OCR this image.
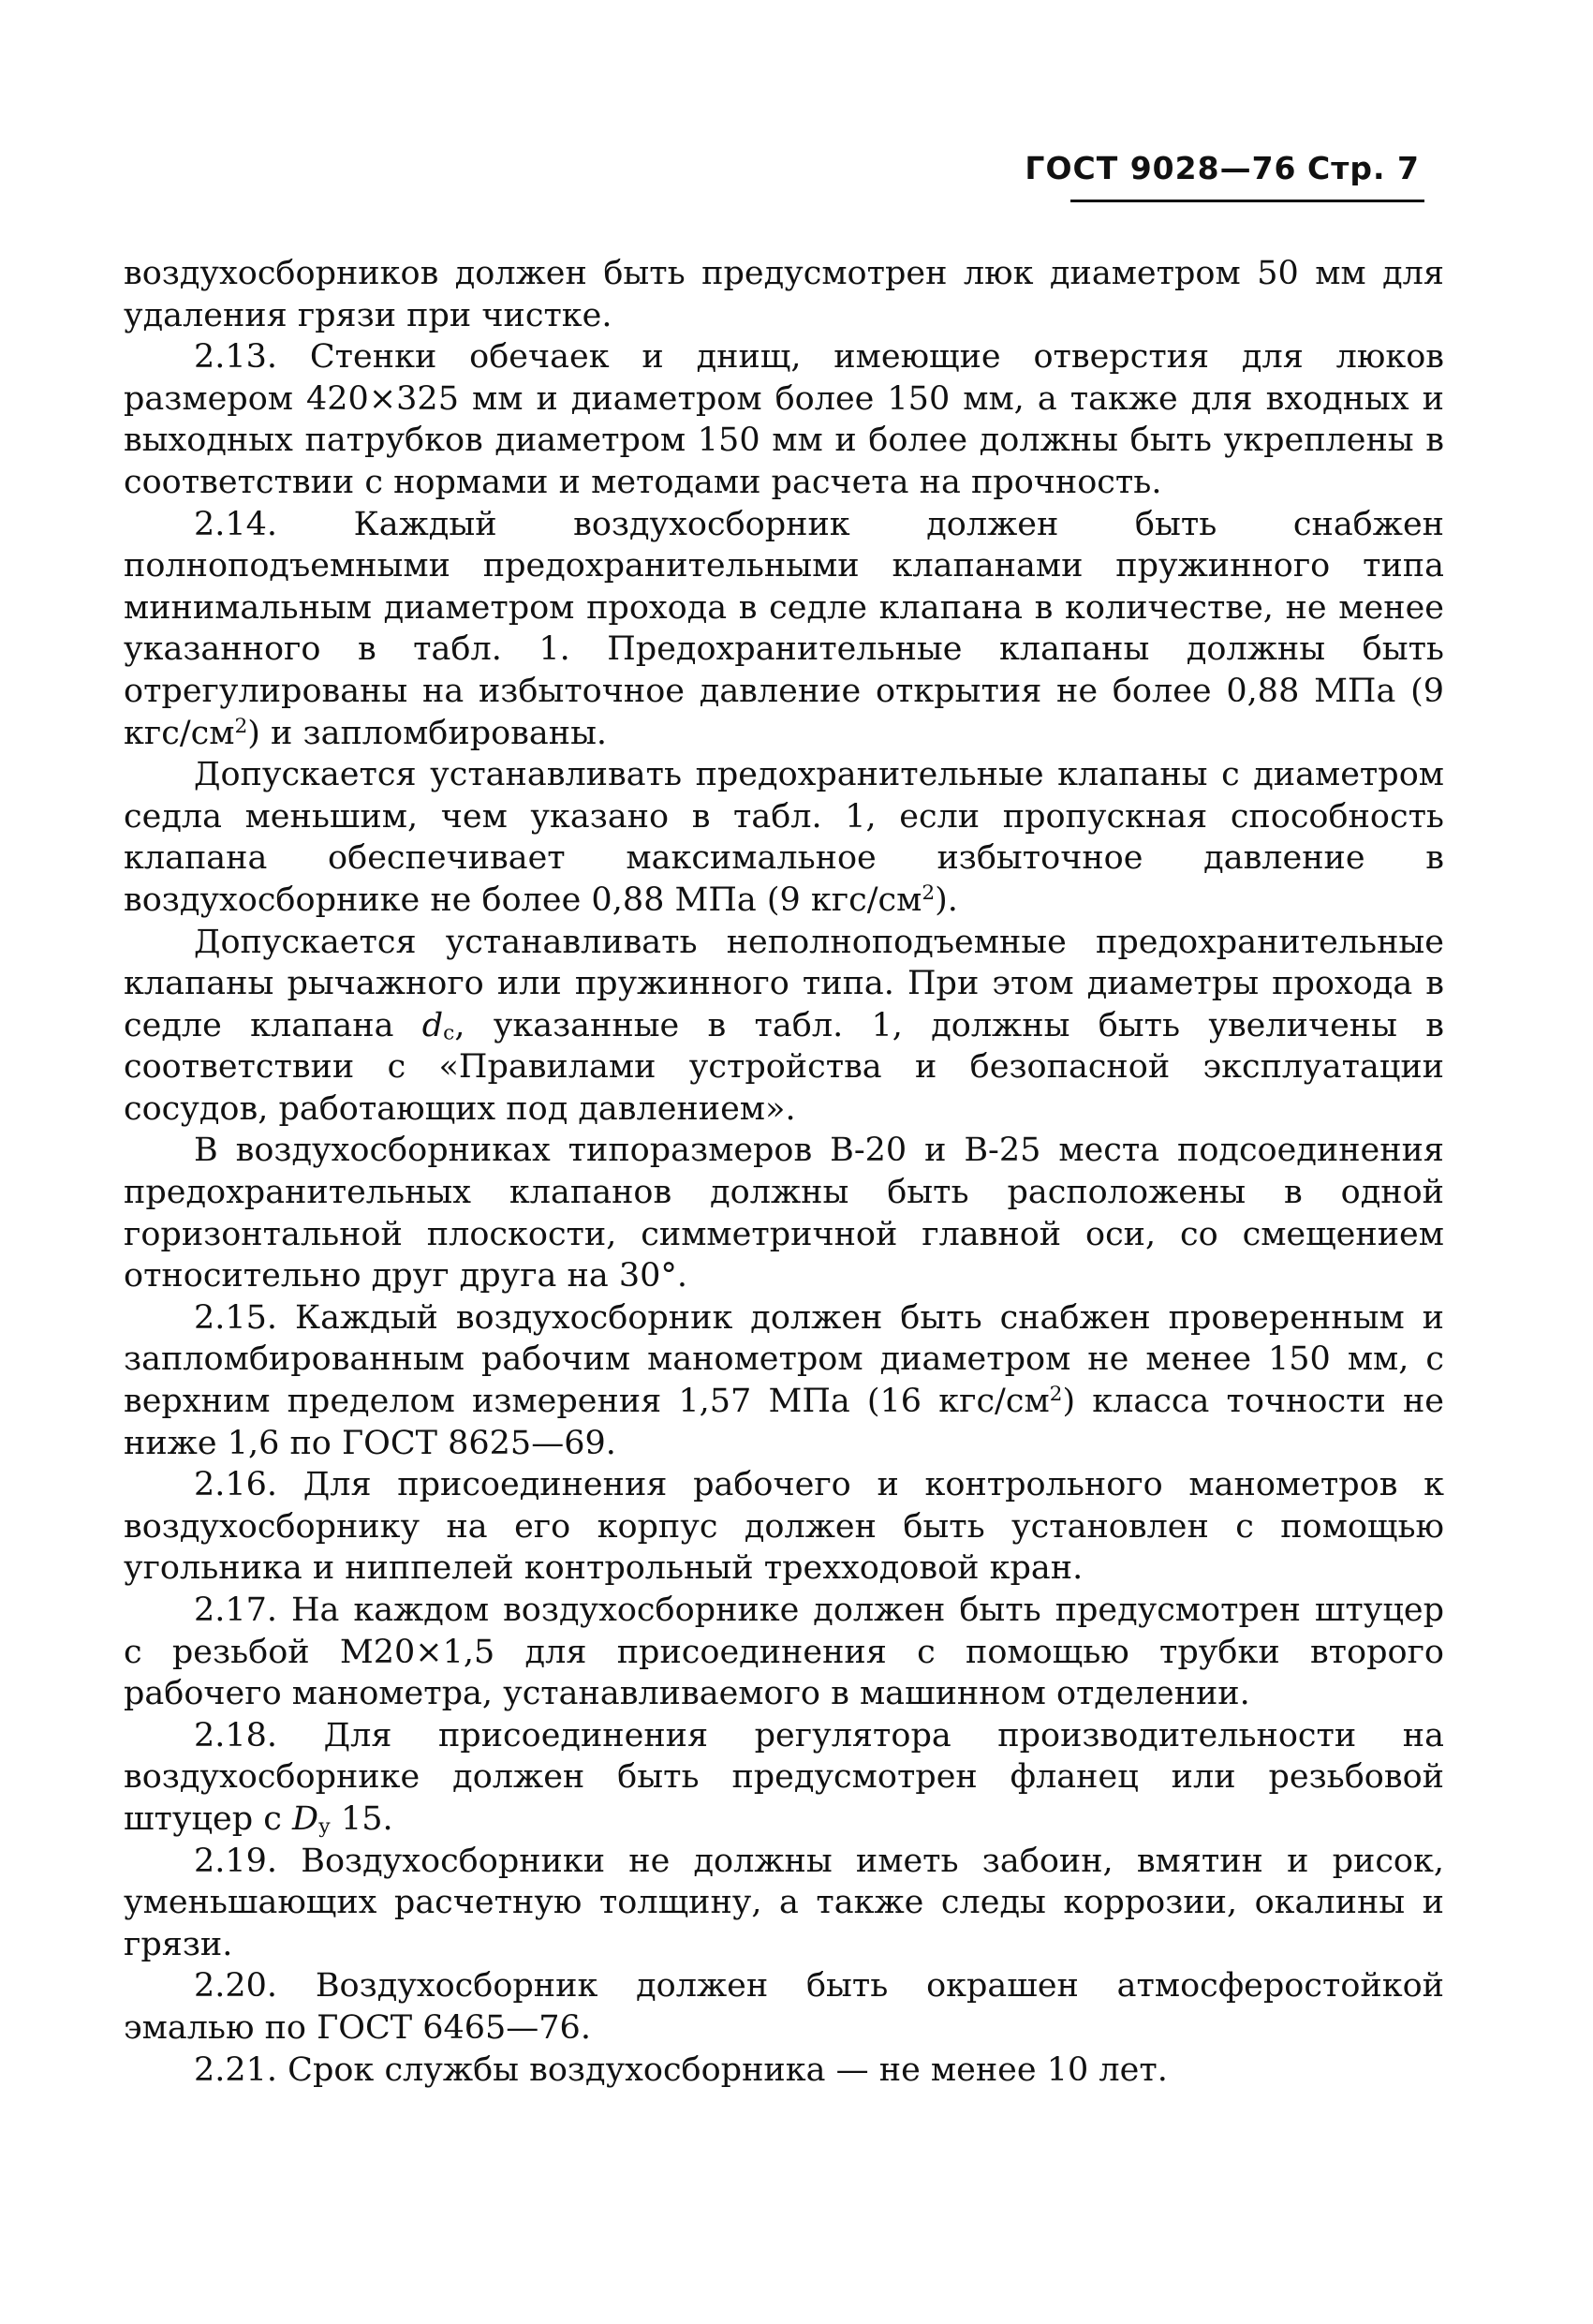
ГОСТ 9028—76 Стр. 7

воздухосборников должен быть предусмотрен люк диаметром 50 мм для удаления грязи при чистке.

2.13. Стенки обечаек и днищ, имеющие отверстия для люков размером 420×325 мм и диаметром более 150 мм, а также для входных и выходных патрубков диаметром 150 мм и более должны быть укреплены в соответствии с нормами и методами расчета на прочность.

2.14. Каждый воздухосборник должен быть снабжен полноподъемными предохранительными клапанами пружинного типа минимальным диаметром прохода в седле клапана в количестве, не менее указанного в табл. 1. Предохранительные клапаны должны быть отрегулированы на избыточное давление открытия не более 0,88 МПа (9 кгс/$см^2$) и запломбированы.

Допускается устанавливать предохранительные клапаны с диаметром седла меньшим, чем указано в табл. 1, если пропускная способность клапана обеспечивает максимальное избыточное давление в воздухосборнике не более 0,88 МПа (9 кгс/$см^2$).

Допускается устанавливать неполноподъемные предохранительные клапаны рычажного или пружинного типа. При этом диаметры прохода в седле клапана $d_с$, указанные в табл. 1, должны быть увеличены в соответствии с «Правилами устройства и безопасной эксплуатации сосудов, работающих под давлением».

В воздухосборниках типоразмеров В-20 и В-25 места подсоединения предохранительных клапанов должны быть расположены в одной горизонтальной плоскости, симметричной главной оси, со смещением относительно друг друга на 30°.

2.15. Каждый воздухосборник должен быть снабжен проверенным и запломбированным рабочим манометром диаметром не менее 150 мм, с верхним пределом измерения 1,57 МПа (16 кгс/$см^2$) класса точности не ниже 1,6 по ГОСТ 8625—69.

2.16. Для присоединения рабочего и контрольного манометров к воздухосборнику на его корпус должен быть установлен с помощью угольника и ниппелей контрольный трехходовой кран.

2.17. На каждом воздухосборнике должен быть предусмотрен штуцер с резьбой М20×1,5 для присоединения с помощью трубки второго рабочего манометра, устанавливаемого в машинном отделении.

2.18. Для присоединения регулятора производительности на воздухосборнике должен быть предусмотрен фланец или резьбовой штуцер с $D_у$ 15.

2.19. Воздухосборники не должны иметь забоин, вмятин и рисок, уменьшающих расчетную толщину, а также следы коррозии, окалины и грязи.

2.20. Воздухосборник должен быть окрашен атмосферостойкой эмалью по ГОСТ 6465—76.

2.21. Срок службы воздухосборника — не менее 10 лет.
